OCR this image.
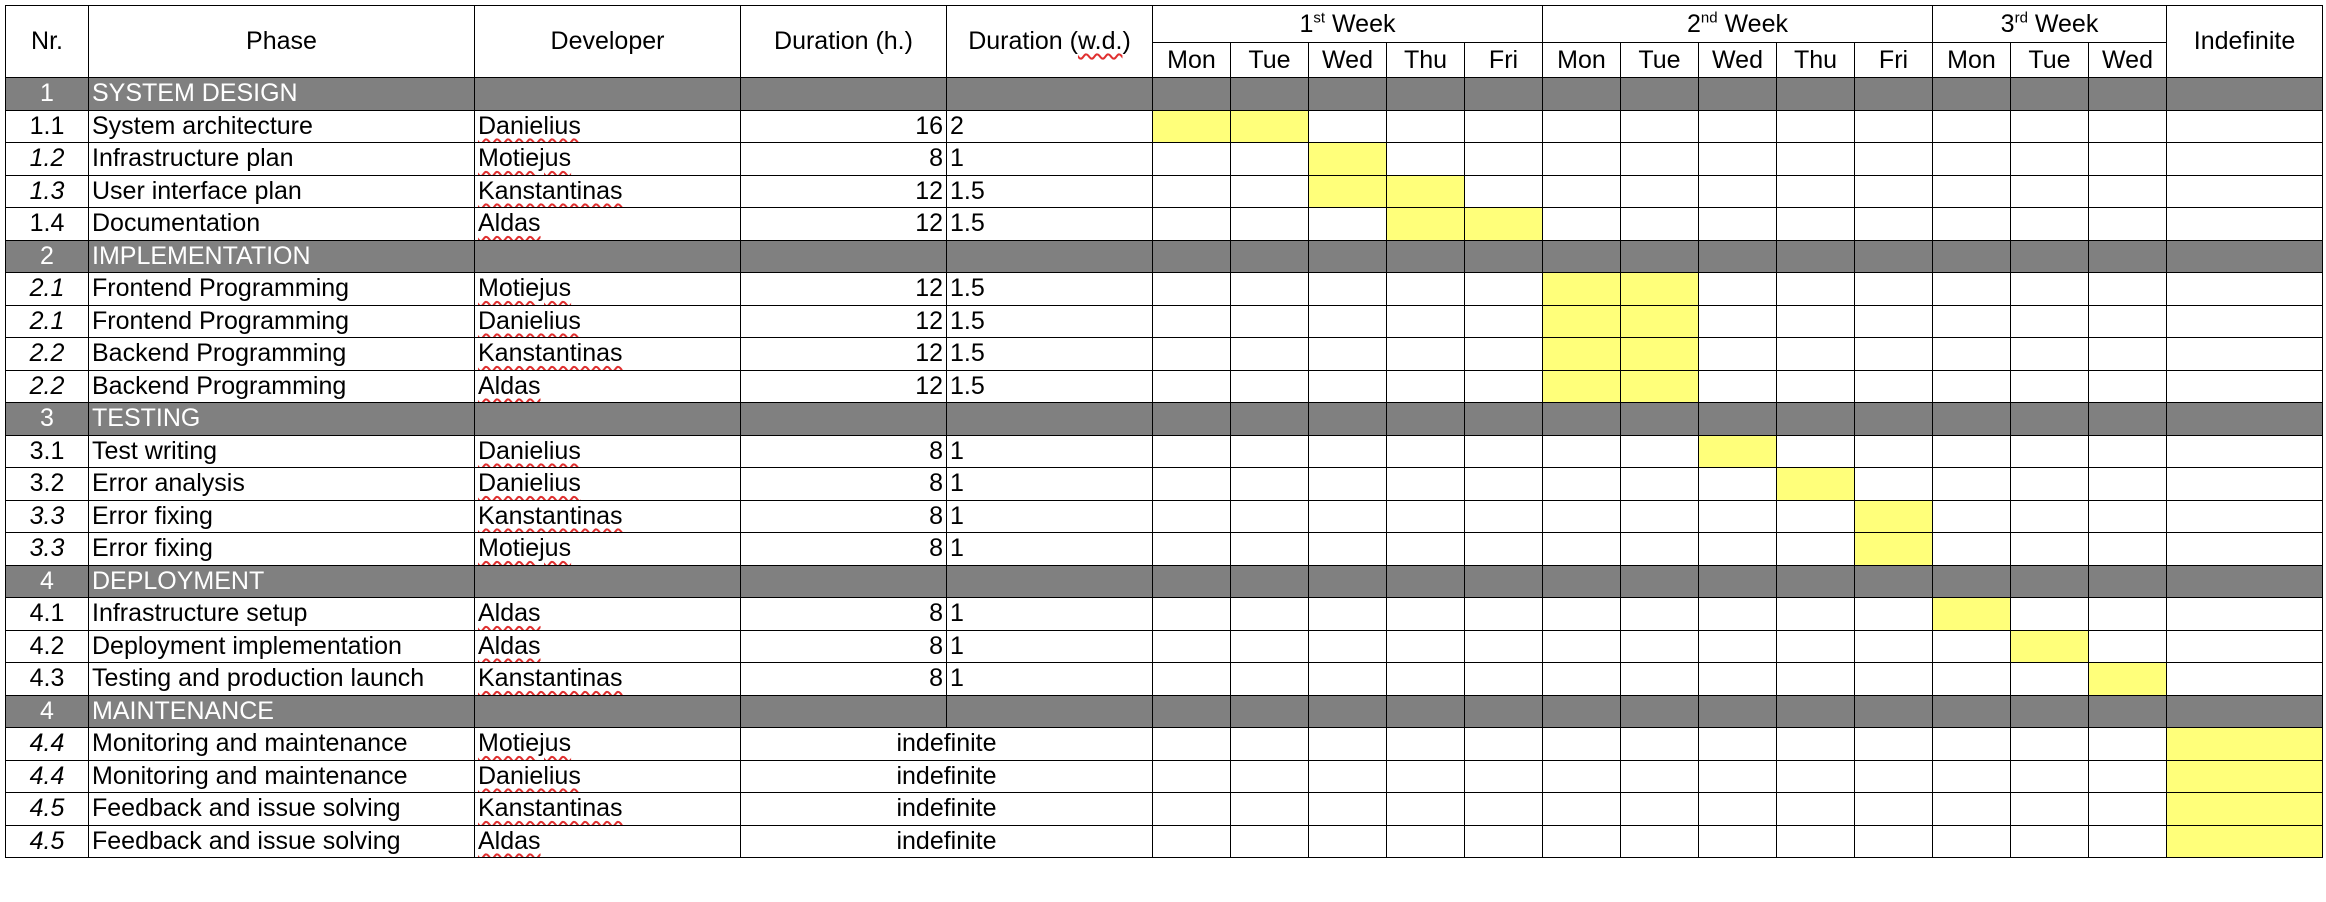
Nr.	Phase	Developer	Duration (h.)	Duration (w.d.)	1st Week					2nd Week					3rd Week			Indefinite
					Mon	Tue	Wed	Thu	Fri	Mon	Tue	Wed	Thu	Fri	Mon	Tue	Wed	
1	SYSTEM DESIGN																	
1.1	System architecture	Danielius	16	2														
1.2	Infrastructure plan	Motiejus	8	1														
1.3	User interface plan	Kanstantinas	12	1.5														
1.4	Documentation	Aldas	12	1.5														
2	IMPLEMENTATION																	
2.1	Frontend Programming	Motiejus	12	1.5														
2.1	Frontend Programming	Danielius	12	1.5														
2.2	Backend Programming	Kanstantinas	12	1.5														
2.2	Backend Programming	Aldas	12	1.5														
3	TESTING																	
3.1	Test writing	Danielius	8	1														
3.2	Error analysis	Danielius	8	1														
3.3	Error fixing	Kanstantinas	8	1														
3.3	Error fixing	Motiejus	8	1														
4	DEPLOYMENT																	
4.1	Infrastructure setup	Aldas	8	1														
4.2	Deployment implementation	Aldas	8	1														
4.3	Testing and production launch	Kanstantinas	8	1														
4	MAINTENANCE																	
4.4	Monitoring and maintenance	Motiejus	indefinite															
4.4	Monitoring and maintenance	Danielius	indefinite															
4.5	Feedback and issue solving	Kanstantinas	indefinite															
4.5	Feedback and issue solving	Aldas	indefinite															
